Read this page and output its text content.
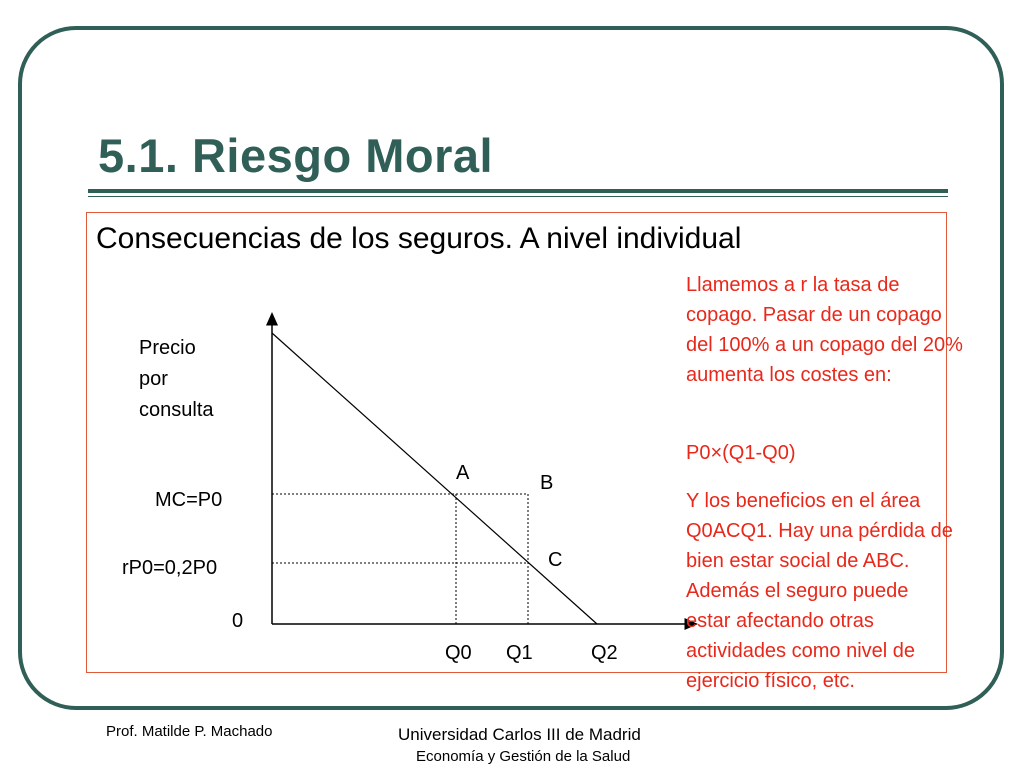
5.1. Riesgo Moral
Consecuencias de los seguros. A nivel individual
Precio
por
consulta
MC=P0
rP0=0,2P0
0
Q0 Q1	Q2
A	B
C
Llamemos a r la tasa de copago. Pasar de un copago del 100% a un copago del 20% aumenta los costes en:
P0×(Q1-Q0)
Y los beneficios en el área Q0ACQ1. Hay una pérdida de bien estar social de ABC. Además el seguro puede estar afectando otras actividades como nivel de ejercicio físico, etc.
Prof. Matilde P. Machado	Universidad Carlos III de Madrid
Economía y Gestión de la Salud
